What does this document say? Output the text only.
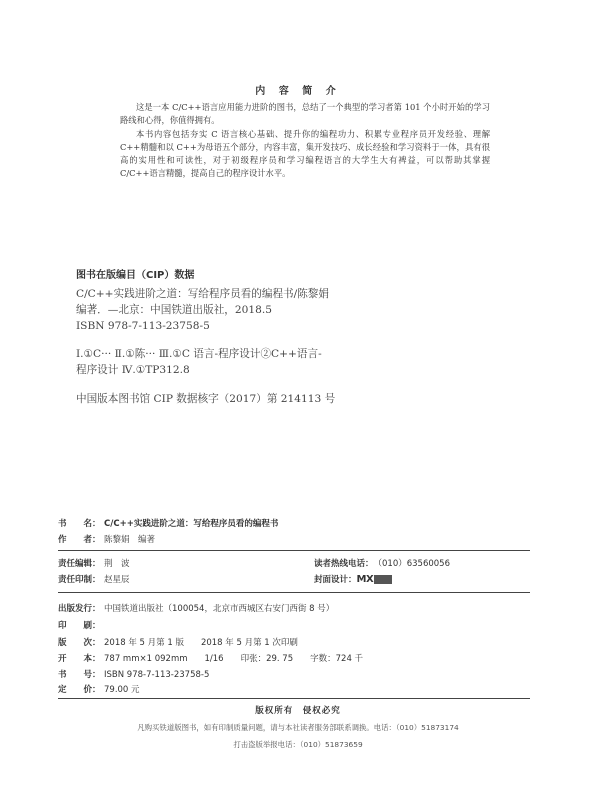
内 容 简 介
这是一本 C/C++语言应用能力进阶的图书，总结了一个典型的学习者第 101 个小时开始的学习路线和心得，你值得拥有。
本书内容包括夯实 C 语言核心基础、提升你的编程功力、积累专业程序员开发经验、理解 C++精髓和以 C++为母语五个部分，内容丰富，集开发技巧、成长经验和学习资料于一体，具有很高的实用性和可读性，对于初级程序员和学习编程语言的大学生大有裨益，可以帮助其掌握 C/C++语言精髓，提高自己的程序设计水平。
图书在版编目（CIP）数据
C/C++实践进阶之道：写给程序员看的编程书/陈黎娟
编著．—北京：中国铁道出版社，2018.5
ISBN 978-7-113-23758-5
Ⅰ.①C··· Ⅱ.①陈··· Ⅲ.①C 语言-程序设计②C++语言-
程序设计 Ⅳ.①TP312.8
中国版本图书馆 CIP 数据核字（2017）第 214113 号
书　　名： C/C++实践进阶之道：写给程序员看的编程书
作　　者： 陈黎娟　编著
责任编辑： 荆　波	读者热线电话：（010）63560056
责任印制： 赵星辰	封面设计：MX
出版发行： 中国铁道出版社（100054，北京市西城区右安门西街 8 号）
印　　刷：
版　　次： 2018 年 5 月第 1 版　　2018 年 5 月第 1 次印刷
开　　本： 787 mm×1 092mm　　1/16　　印张：29. 75　　字数：724 千
书　　号： ISBN 978-7-113-23758-5
定　　价： 79.00 元
版权所有　侵权必究
凡购买铁道版图书，如有印制质量问题，请与本社读者服务部联系调换。电话：（010）51873174
打击盗版举报电话：（010）51873659
